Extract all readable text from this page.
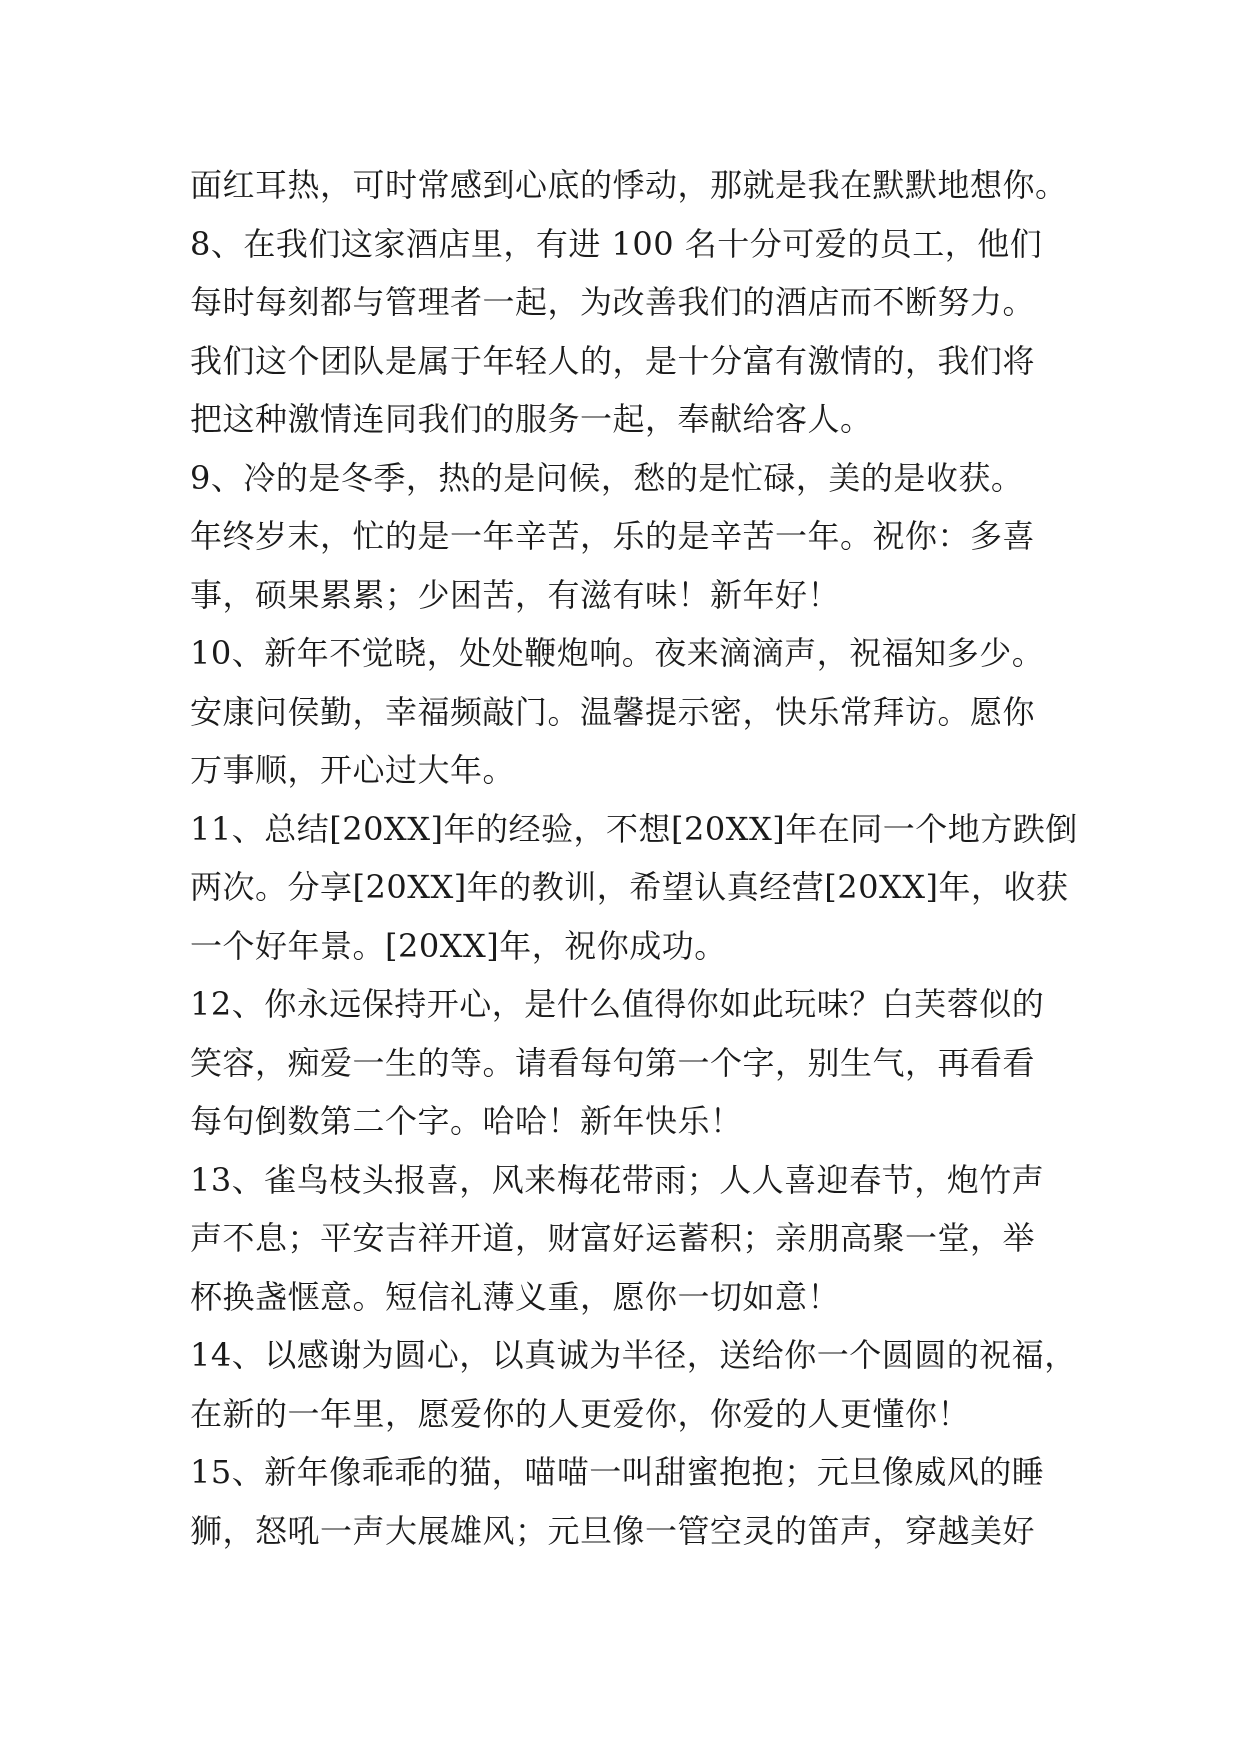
面红耳热，可时常感到心底的悸动，那就是我在默默地想你。
8、在我们这家酒店里，有进 100 名十分可爱的员工，他们
每时每刻都与管理者一起，为改善我们的酒店而不断努力。
我们这个团队是属于年轻人的，是十分富有激情的，我们将
把这种激情连同我们的服务一起，奉献给客人。
9、冷的是冬季，热的是问候，愁的是忙碌，美的是收获。
年终岁末，忙的是一年辛苦，乐的是辛苦一年。祝你：多喜
事，硕果累累；少困苦，有滋有味！新年好！
10、新年不觉晓，处处鞭炮响。夜来滴滴声，祝福知多少。
安康问侯勤，幸福频敲门。温馨提示密，快乐常拜访。愿你
万事顺，开心过大年。
11、总结[20XX]年的经验，不想[20XX]年在同一个地方跌倒
两次。分享[20XX]年的教训，希望认真经营[20XX]年，收获
一个好年景。[20XX]年，祝你成功。
12、你永远保持开心，是什么值得你如此玩味？白芙蓉似的
笑容，痴爱一生的等。请看每句第一个字，别生气，再看看
每句倒数第二个字。哈哈！新年快乐！
13、雀鸟枝头报喜，风来梅花带雨；人人喜迎春节，炮竹声
声不息；平安吉祥开道，财富好运蓄积；亲朋高聚一堂，举
杯换盏惬意。短信礼薄义重，愿你一切如意！
14、以感谢为圆心，以真诚为半径，送给你一个圆圆的祝福，
在新的一年里，愿爱你的人更爱你，你爱的人更懂你！
15、新年像乖乖的猫，喵喵一叫甜蜜抱抱；元旦像威风的睡
狮，怒吼一声大展雄风；元旦像一管空灵的笛声，穿越美好
